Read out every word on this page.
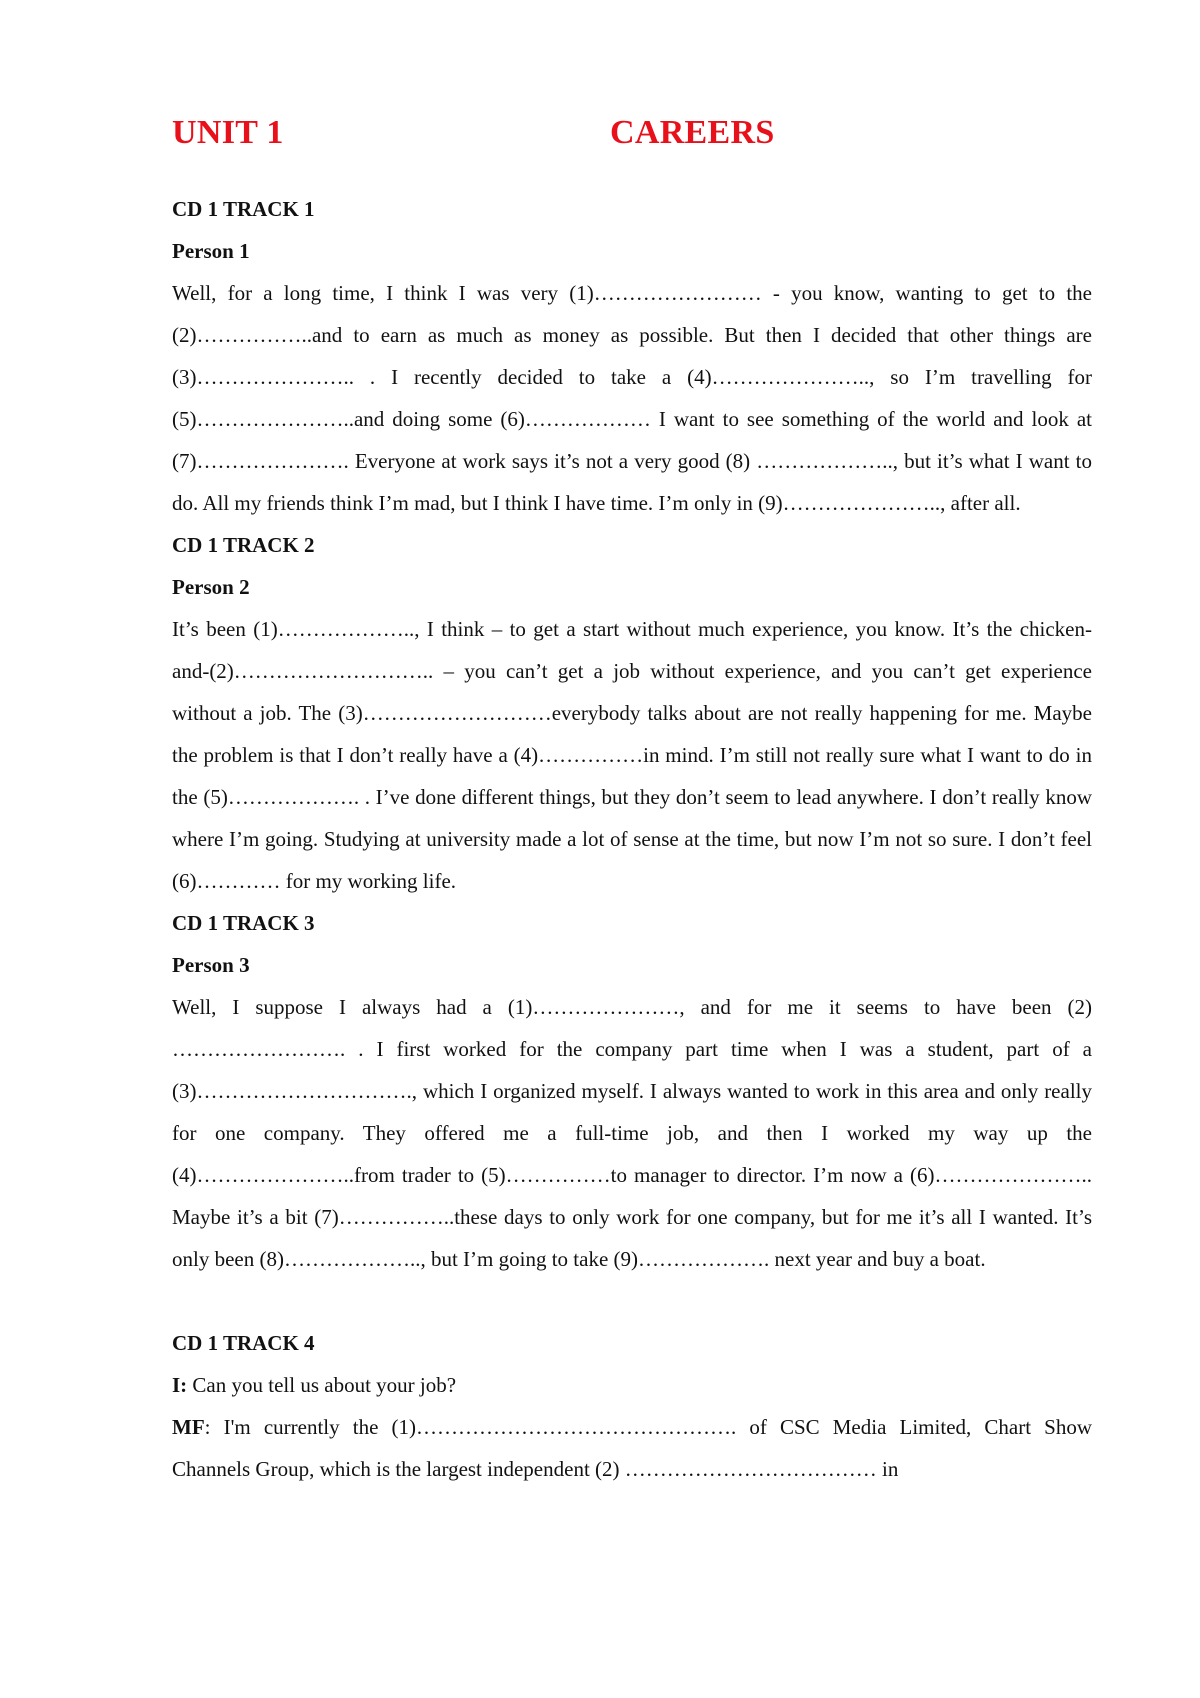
UNIT 1	CAREERS

CD 1 TRACK 1

Person 1

Well, for a long time, I think I was very (1)…………………… - you know, wanting to get to the (2)……………..and to earn as much as money as possible. But then I decided that other things are (3)………………….. . I recently decided to take a (4)………………….., so I’m travelling for (5)…………………..and doing some (6)……………… I want to see something of the world and look at (7)…………………. Everyone at work says it’s not a very good (8) ……………….., but it’s what I want to do. All my friends think I’m mad, but I think I have time. I’m only in (9)………………….., after all.

CD 1 TRACK 2

Person 2

It’s been (1)……………….., I think – to get a start without much experience, you know. It’s the chicken- and-(2)……………………….. – you can’t get a job without experience, and you can’t get experience without a job. The (3)………………………everybody talks about are not really happening for me. Maybe the problem is that I don’t really have a (4)……………in mind. I’m still not really sure what I want to do in the (5)………………. . I’ve done different things, but they don’t seem to lead anywhere. I don’t really know where I’m going. Studying at university made a lot of sense at the time, but now I’m not so sure. I don’t feel (6)………… for my working life.

CD 1 TRACK 3

Person 3

Well, I suppose I always had a (1)…………………, and for me it seems to have been (2) ……………………. . I first worked for the company part time when I was a student, part of a (3)…………………………., which I organized myself. I always wanted to work in this area and only really for one company. They offered me a full-time job, and then I worked my way up the (4)…………………..from trader to (5)……………to manager to director. I’m now a (6)………………….. Maybe it’s a bit (7)……………..these days to only work for one company, but for me it’s all I wanted. It’s only been (8)……………….., but I’m going to take (9)………………. next year and buy a boat.

CD 1 TRACK 4

I: Can you tell us about your job?

MF: I'm currently the (1)………………………………………. of CSC Media Limited, Chart Show Channels Group, which is the largest independent (2) ……………………………… in
